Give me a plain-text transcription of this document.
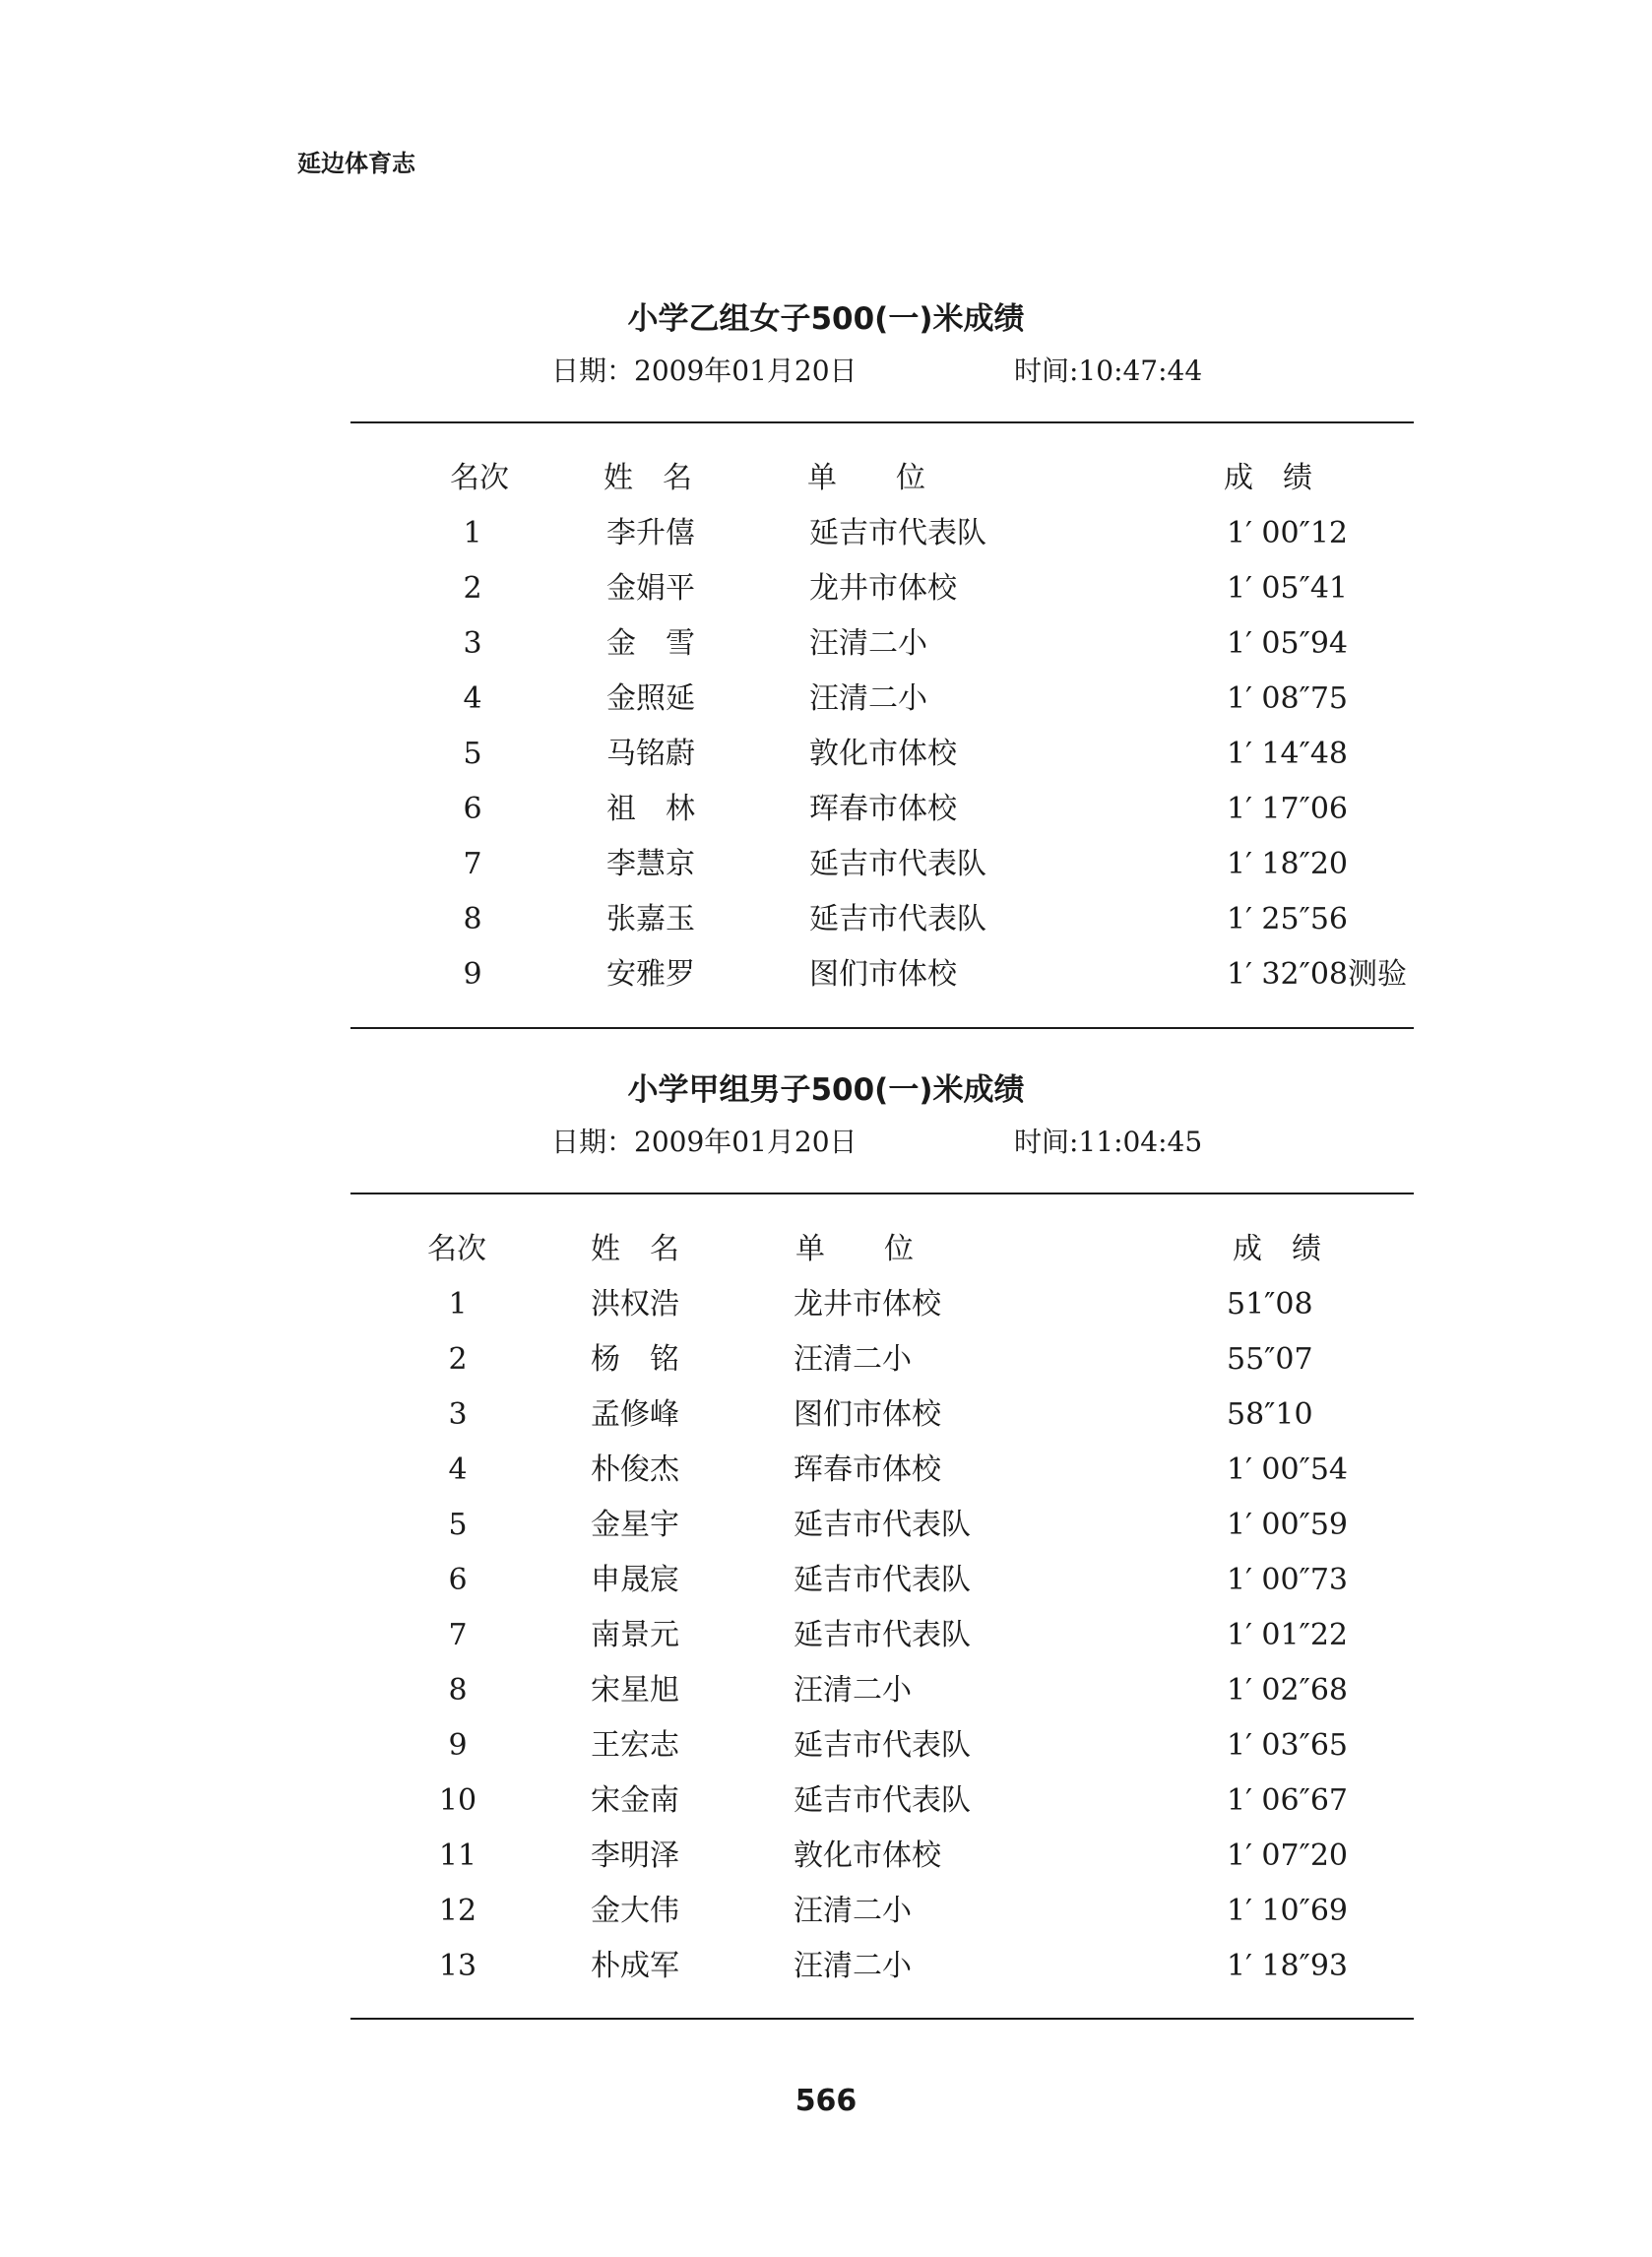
延边体育志
小学乙组女子500(一)米成绩
日期：2009年01月20日	时间:10:47:44
名次	姓　名	单　　位	成　绩
1	李升僖	延吉市代表队	1′ 00″12
2	金娟平	龙井市体校	1′ 05″41
3	金　雪	汪清二小	1′ 05″94
4	金照延	汪清二小	1′ 08″75
5	马铭蔚	敦化市体校	1′ 14″48
6	祖　林	珲春市体校	1′ 17″06
7	李慧京	延吉市代表队	1′ 18″20
8	张嘉玉	延吉市代表队	1′ 25″56
9	安雅罗	图们市体校	1′ 32″08测验
小学甲组男子500(一)米成绩
日期：2009年01月20日	时间:11:04:45
名次	姓　名	单　　位	成　绩
1	洪权浩	龙井市体校	51″08
2	杨　铭	汪清二小	55″07
3	孟修峰	图们市体校	58″10
4	朴俊杰	珲春市体校	1′ 00″54
5	金星宇	延吉市代表队	1′ 00″59
6	申晟宸	延吉市代表队	1′ 00″73
7	南景元	延吉市代表队	1′ 01″22
8	宋星旭	汪清二小	1′ 02″68
9	王宏志	延吉市代表队	1′ 03″65
10	宋金南	延吉市代表队	1′ 06″67
11	李明泽	敦化市体校	1′ 07″20
12	金大伟	汪清二小	1′ 10″69
13	朴成军	汪清二小	1′ 18″93
566
